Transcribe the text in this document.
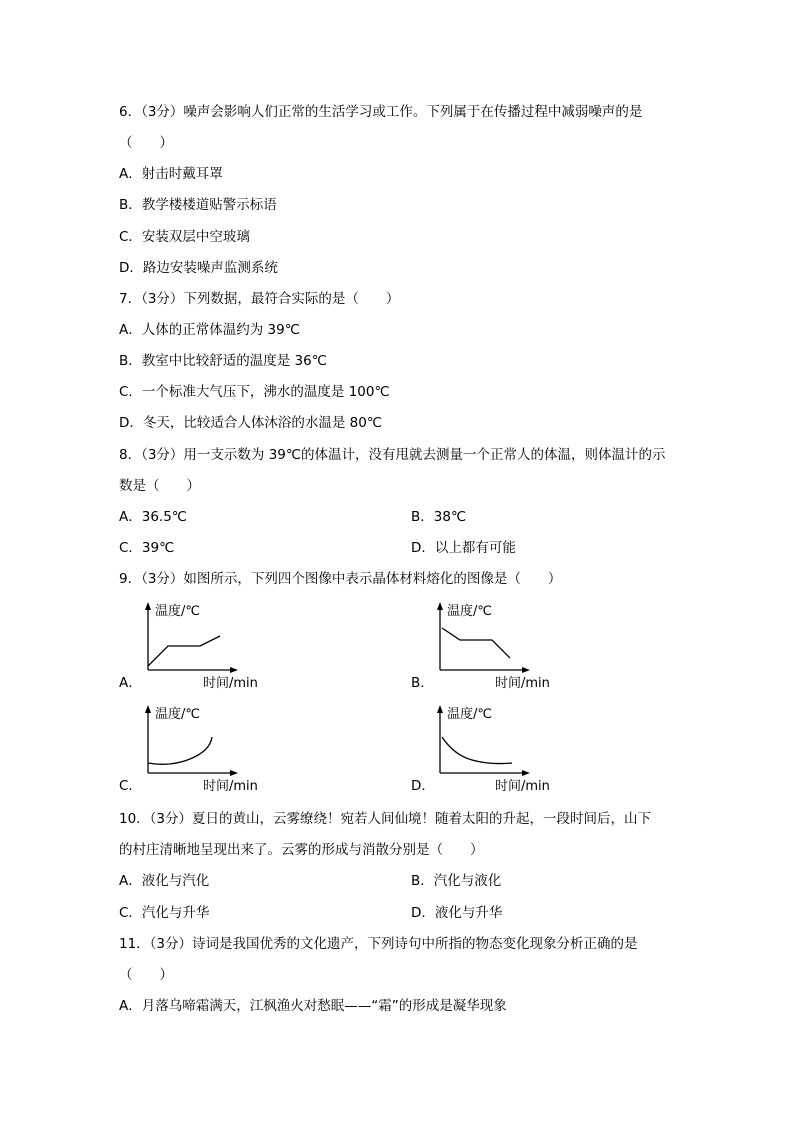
6．（3分）噪声会影响人们正常的生活学习或工作。下列属于在传播过程中减弱噪声的是
（　　）
A．射击时戴耳罩
B．教学楼楼道贴警示标语
C．安装双层中空玻璃
D．路边安装噪声监测系统
7．（3分）下列数据，最符合实际的是（　　）
A．人体的正常体温约为 39℃
B．教室中比较舒适的温度是 36℃
C．一个标准大气压下，沸水的温度是 100℃
D．冬天，比较适合人体沐浴的水温是 80℃
8．（3分）用一支示数为 39℃的体温计，没有甩就去测量一个正常人的体温，则体温计的示
数是（　　）
A．36.5℃	B．38℃
C．39℃	D．以上都有可能
9．（3分）如图所示，下列四个图像中表示晶体材料熔化的图像是（　　）
A．
温度/℃
时间/min	B．
温度/℃
时间/min
C．
温度/℃
时间/min	D．
温度/℃
时间/min
10．（3分）夏日的黄山，云雾缭绕！宛若人间仙境！随着太阳的升起，一段时间后，山下
的村庄清晰地呈现出来了。云雾的形成与消散分别是（　　）
A．液化与汽化	B．汽化与液化
C．汽化与升华	D．液化与升华
11．（3分）诗词是我国优秀的文化遗产，下列诗句中所指的物态变化现象分析正确的是
（　　）
A．月落乌啼霜满天，江枫渔火对愁眠——“霜”的形成是凝华现象
